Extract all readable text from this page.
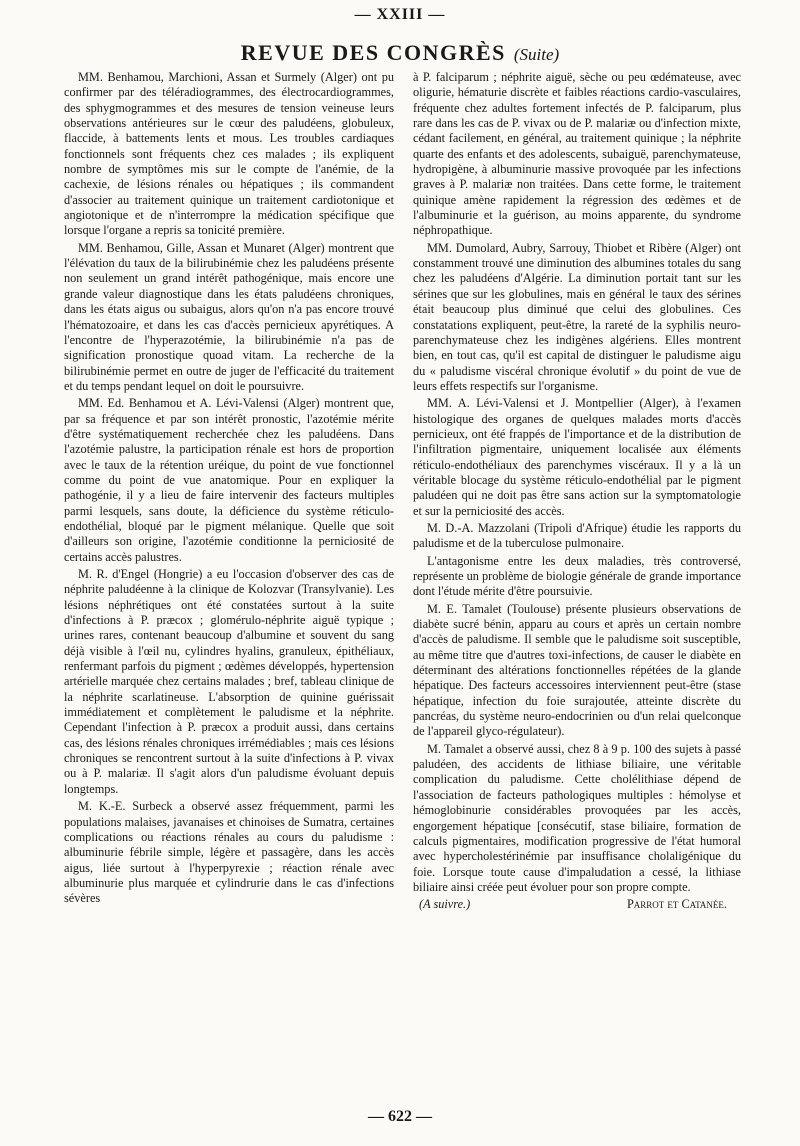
— XXIII —
REVUE DES CONGRÈS (Suite)

MM. Benhamou, Marchioni, Assan et Surmely (Alger) ont pu confirmer par des téléradiogrammes, des électrocardiogrammes, des sphygmogrammes et des mesures de tension veineuse leurs observations antérieures sur le cœur des paludéens, globuleux, flaccide, à battements lents et mous. Les troubles cardiaques fonctionnels sont fréquents chez ces malades ; ils expliquent nombre de symptômes mis sur le compte de l'anémie, de la cachexie, de lésions rénales ou hépatiques ; ils commandent d'associer au traitement quinique un traitement cardiotonique et angiotonique et de n'interrompre la médication spécifique que lorsque l'organe a repris sa tonicité première.

MM. Benhamou, Gille, Assan et Munaret (Alger) montrent que l'élévation du taux de la bilirubinémie chez les paludéens présente non seulement un grand intérêt pathogénique, mais encore une grande valeur diagnostique dans les états paludéens chroniques, dans les états aigus ou subaigus, alors qu'on n'a pas encore trouvé l'hématozoaire, et dans les cas d'accès pernicieux apyrétiques. A l'encontre de l'hyperazotémie, la bilirubinémie n'a pas de signification pronostique quoad vitam. La recherche de la bilirubinémie permet en outre de juger de l'efficacité du traitement et du temps pendant lequel on doit le poursuivre.

MM. Ed. Benhamou et A. Lévi-Valensi (Alger) montrent que, par sa fréquence et par son intérêt pronostic, l'azotémie mérite d'être systématiquement recherchée chez les paludéens. Dans l'azotémie palustre, la participation rénale est hors de proportion avec le taux de la rétention uréique, du point de vue fonctionnel comme du point de vue anatomique. Pour en expliquer la pathogénie, il y a lieu de faire intervenir des facteurs multiples parmi lesquels, sans doute, la déficience du système réticulo-endothélial, bloqué par le pigment mélanique. Quelle que soit d'ailleurs son origine, l'azotémie conditionne la perniciosité de certains accès palustres.

M. R. d'Engel (Hongrie) a eu l'occasion d'observer des cas de néphrite paludéenne à la clinique de Kolozvar (Transylvanie). Les lésions néphrétiques ont été constatées surtout à la suite d'infections à P. præcox ; glomérulo-néphrite aiguë typique ; urines rares, contenant beaucoup d'albumine et souvent du sang déjà visible à l'œil nu, cylindres hyalins, granuleux, épithéliaux, renfermant parfois du pigment ; œdèmes développés, hypertension artérielle marquée chez certains malades ; bref, tableau clinique de la néphrite scarlatineuse. L'absorption de quinine guérissait immédiatement et complètement le paludisme et la néphrite. Cependant l'infection à P. præcox a produit aussi, dans certains cas, des lésions rénales chroniques irrémédiables ; mais ces lésions chroniques se rencontrent surtout à la suite d'infections à P. vivax ou à P. malariæ. Il s'agit alors d'un paludisme évoluant depuis longtemps.

M. K.-E. Surbeck a observé assez fréquemment, parmi les populations malaises, javanaises et chinoises de Sumatra, certaines complications ou réactions rénales au cours du paludisme : albuminurie fébrile simple, légère et passagère, dans les accès aigus, liée surtout à l'hyperpyrexie ; réaction rénale avec albuminurie plus marquée et cylindrurie dans le cas d'infections sévères

à P. falciparum ; néphrite aiguë, sèche ou peu œdémateuse, avec oligurie, hématurie discrète et faibles réactions cardio-vasculaires, fréquente chez adultes fortement infectés de P. falciparum, plus rare dans les cas de P. vivax ou de P. malariæ ou d'infection mixte, cédant facilement, en général, au traitement quinique ; la néphrite quarte des enfants et des adolescents, subaiguë, parenchymateuse, hydropigène, à albuminurie massive provoquée par les infections graves à P. malariæ non traitées. Dans cette forme, le traitement quinique amène rapidement la régression des œdèmes et de l'albuminurie et la guérison, au moins apparente, du syndrome néphropathique.

MM. Dumolard, Aubry, Sarrouy, Thiobet et Ribère (Alger) ont constamment trouvé une diminution des albumines totales du sang chez les paludéens d'Algérie. La diminution portait tant sur les sérines que sur les globulines, mais en général le taux des sérines était beaucoup plus diminué que celui des globulines. Ces constatations expliquent, peut-être, la rareté de la syphilis neuro-parenchymateuse chez les indigènes algériens. Elles montrent bien, en tout cas, qu'il est capital de distinguer le paludisme aigu du « paludisme viscéral chronique évolutif » du point de vue de leurs effets respectifs sur l'organisme.

MM. A. Lévi-Valensi et J. Montpellier (Alger), à l'examen histologique des organes de quelques malades morts d'accès pernicieux, ont été frappés de l'importance et de la distribution de l'infiltration pigmentaire, uniquement localisée aux éléments réticulo-endothéliaux des parenchymes viscéraux. Il y a là un véritable blocage du système réticulo-endothélial par le pigment paludéen qui ne doit pas être sans action sur la symptomatologie et sur la perniciosité des accès.

M. D.-A. Mazzolani (Tripoli d'Afrique) étudie les rapports du paludisme et de la tuberculose pulmonaire.

L'antagonisme entre les deux maladies, très controversé, représente un problème de biologie générale de grande importance dont l'étude mérite d'être poursuivie.

M. E. Tamalet (Toulouse) présente plusieurs observations de diabète sucré bénin, apparu au cours et après un certain nombre d'accès de paludisme. Il semble que le paludisme soit susceptible, au même titre que d'autres toxi-infections, de causer le diabète en déterminant des altérations fonctionnelles répétées de la glande hépatique. Des facteurs accessoires interviennent peut-être (stase hépatique, infection du foie surajoutée, atteinte discrète du pancréas, du système neuro-endocrinien ou d'un relai quelconque de l'appareil glyco-régulateur).

M. Tamalet a observé aussi, chez 8 à 9 p. 100 des sujets à passé paludéen, des accidents de lithiase biliaire, une véritable complication du paludisme. Cette cholélithiase dépend de l'association de facteurs pathologiques multiples : hémolyse et hémoglobinurie considérables provoquées par les accès, engorgement hépatique [consécutif, stase biliaire, formation de calculs pigmentaires, modification progressive de l'état humoral avec hypercholestérinémie par insuffisance cholaligénique du foie. Lorsque toute cause d'impaludation a cessé, la lithiase biliaire ainsi créée peut évoluer pour son propre compte.

(A suivre.)	Parrot et Catanée.
— 622 —
